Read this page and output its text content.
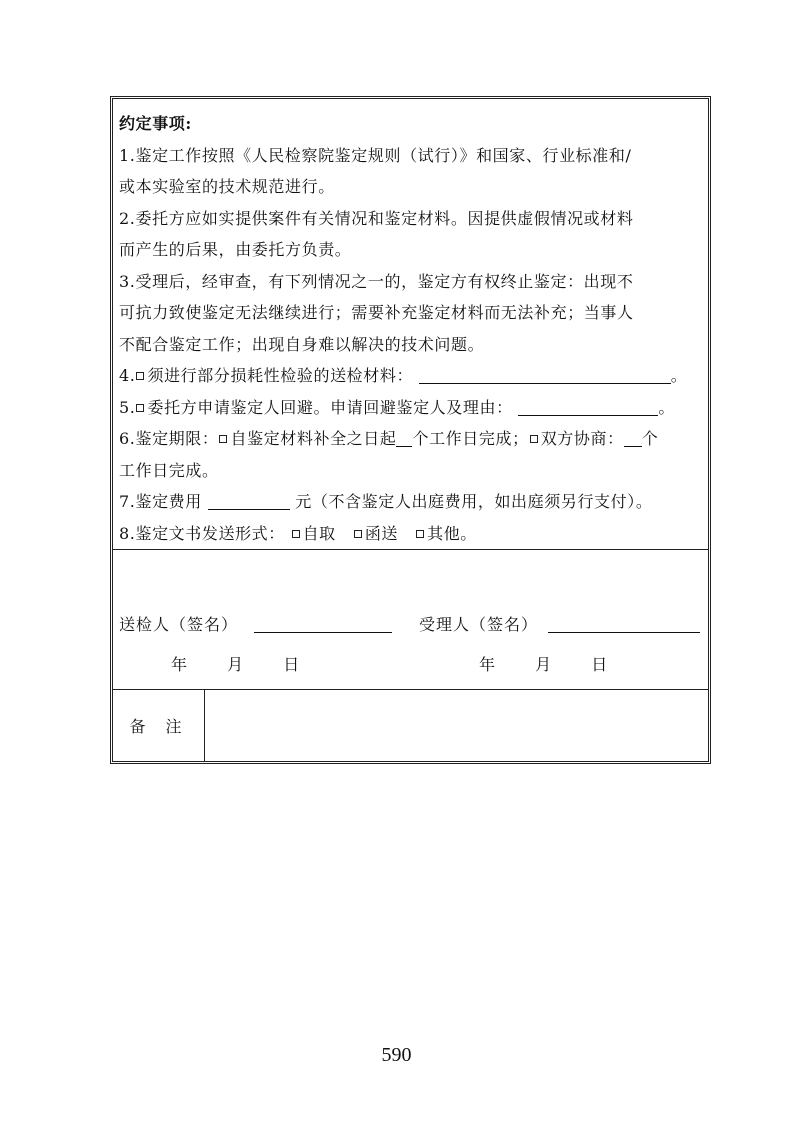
约定事项:

1.鉴定工作按照《人民检察院鉴定规则（试行）》和国家、行业标准和/

或本实验室的技术规范进行。

2.委托方应如实提供案件有关情况和鉴定材料。因提供虚假情况或材料

而产生的后果，由委托方负责。

3.受理后，经审查，有下列情况之一的，鉴定方有权终止鉴定：出现不

可抗力致使鉴定无法继续进行；需要补充鉴定材料而无法补充；当事人

不配合鉴定工作；出现自身难以解决的技术问题。

4. 须进行部分损耗性检验的送检材料：	。

5. 委托方申请鉴定人回避。申请回避鉴定人及理由：	。

6.鉴定期限： 自鉴定材料补全之日起 个工作日完成； 双方协商： 个

工作日完成。

7.鉴定费用	元（不含鉴定人出庭费用，如出庭须另行支付）。

8.鉴定文书发送形式： 自取 函送 其他。

送检人（签名）	受理人（签名）
年	月	日	年	月	日
备注
590
